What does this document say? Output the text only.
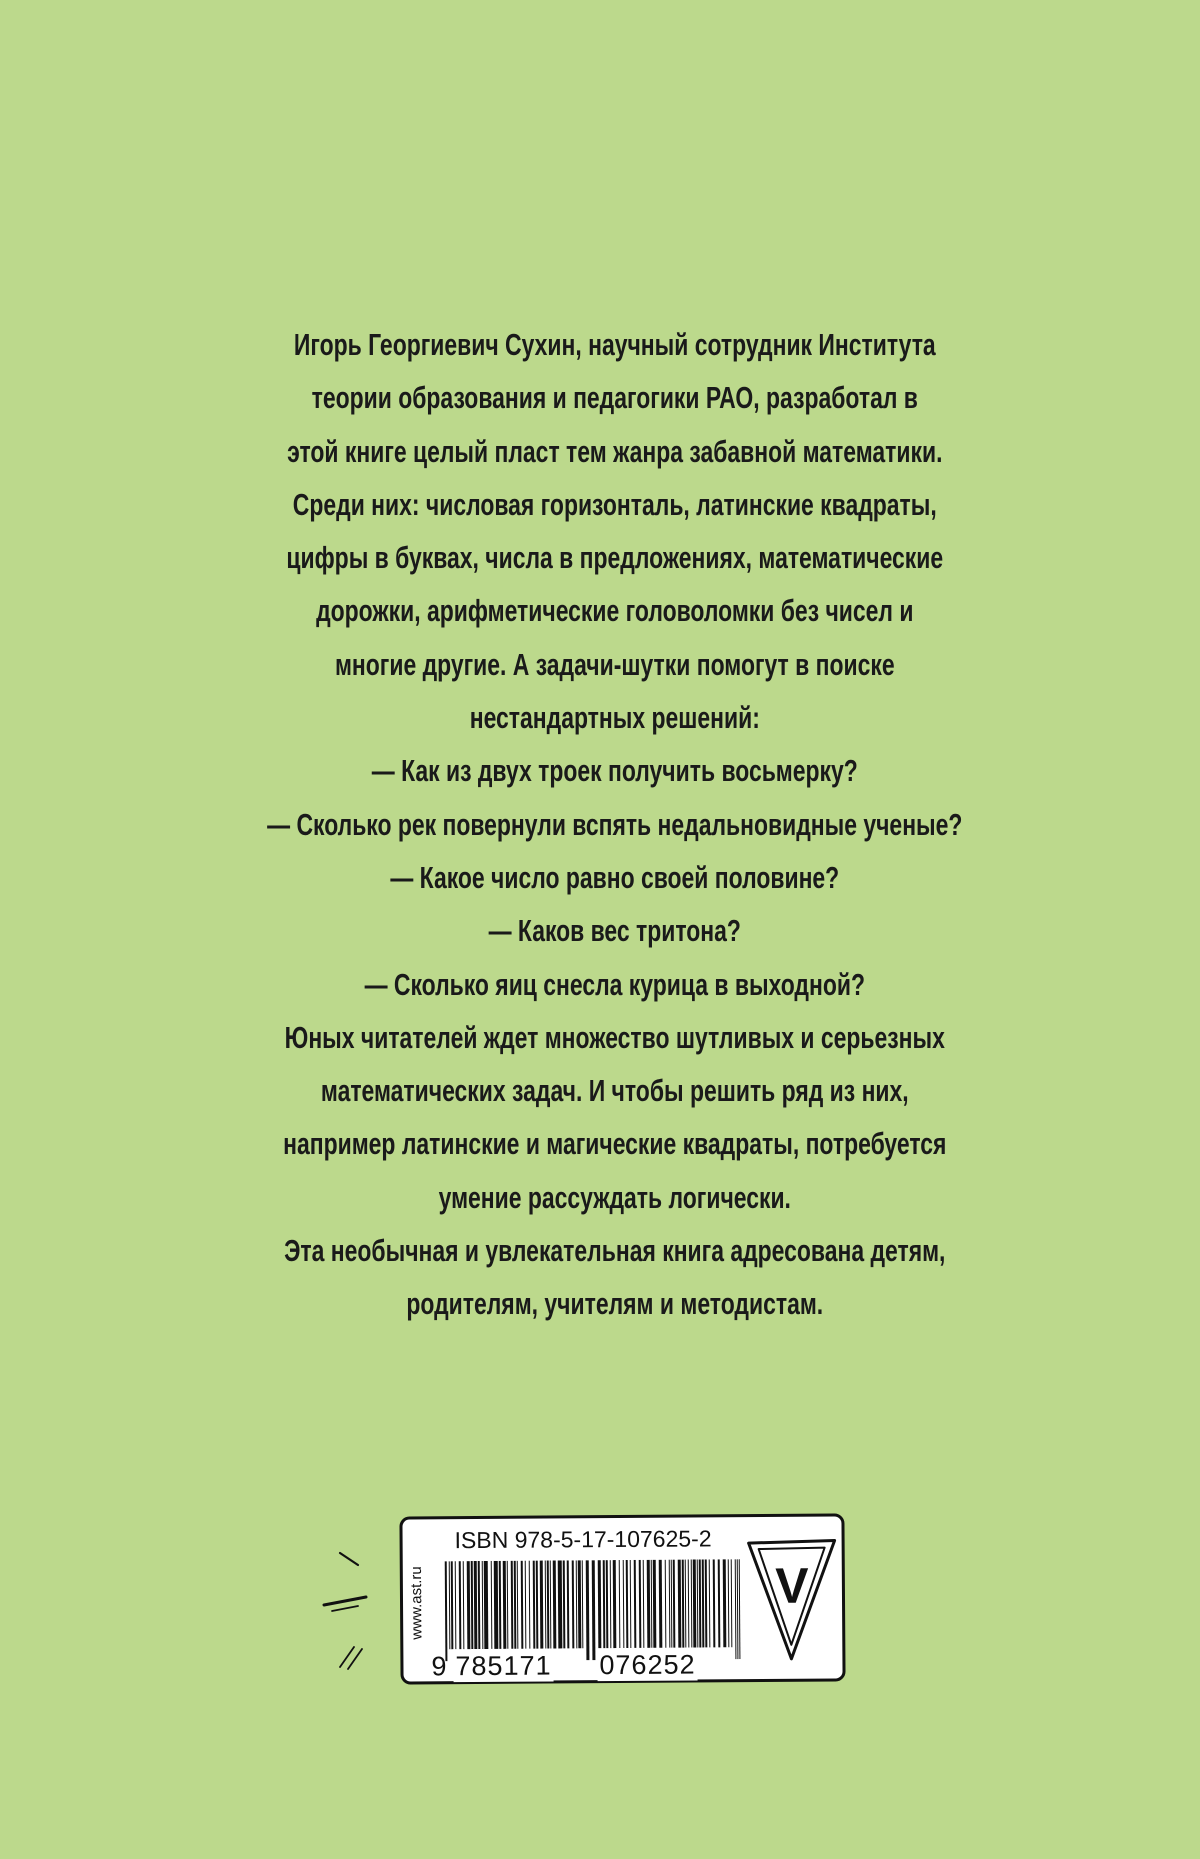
Игорь Георгиевич Сухин, научный сотрудник Института
теории образования и педагогики РАО, разработал в
этой книге целый пласт тем жанра забавной математики.
Среди них: числовая горизонталь, латинские квадраты,
цифры в буквах, числа в предложениях, математические
дорожки, арифметические головоломки без чисел и
многие другие. А задачи-шутки помогут в поиске
нестандартных решений:
— Как из двух троек получить восьмерку?
— Сколько рек повернули вспять недальновидные ученые?
— Какое число равно своей половине?
— Каков вес тритона?
— Сколько яиц снесла курица в выходной?
Юных читателей ждет множество шутливых и серьезных
математических задач. И чтобы решить ряд из них,
например латинские и магические квадраты, потребуется
умение рассуждать логически.
Эта необычная и увлекательная книга адресована детям,
родителям, учителям и методистам.
www.ast.ru
ISBN 978-5-17-107625-2
9 785171 076252
V
